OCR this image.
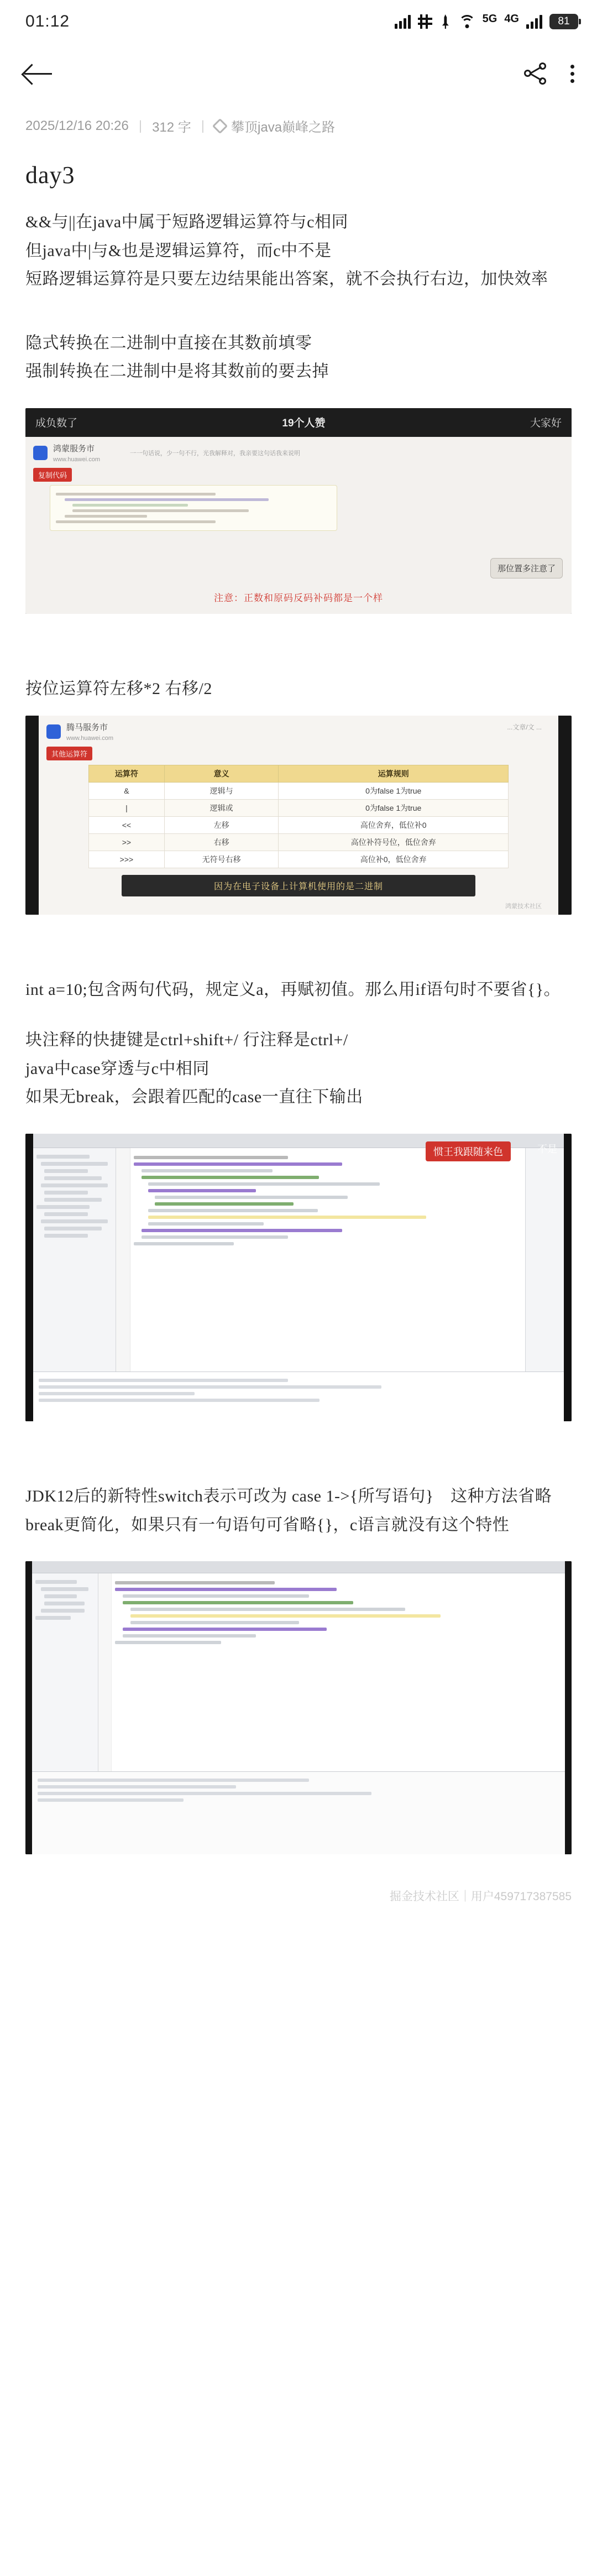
01:12	5G 4G	81
2025/12/16 20:26 | 312 字 | 攀顶java巅峰之路
day3
&&与||在java中属于短路逻辑运算符与c相同
但java中|与&也是逻辑运算符，而c中不是
短路逻辑运算符是只要左边结果能出答案，就不会执行右边，加快效率
隐式转换在二进制中直接在其数前填零
强制转换在二进制中是将其数前的要去掉
成负数了	19个人赞	大家好
鸿蒙服务市
www.huawei.com
一一句话说，少一句不行，光我解释对，我亲要这句话我来说明
复制代码
那位置多注意了
注意：正数和原码反码补码都是一个样
按位运算符左移*2 右移/2
腾马服务市
www.huawei.com
...文章/文 ...
其他运算符
运算符	意义	运算规则
&	逻辑与	0为false 1为true
|	逻辑或	0为false 1为true
<<	左移	高位舍弃，低位补0
>>	右移	高位补符号位，低位舍弃
>>>	无符号右移	高位补0，低位舍弃
因为在电子设备上计算机使用的是二进制
鸿蒙技术社区
int a=10;包含两句代码，规定义a，再赋初值。那么用if语句时不要省{}。
块注释的快捷键是ctrl+shift+/ 行注释是ctrl+/
java中case穿透与c中相同
如果无break，会跟着匹配的case一直往下输出
惯王我跟随来色	不是
JDK12后的新特性switch表示可改为 case 1->{所写语句}　这种方法省略break更简化，如果只有一句语句可省略{}，c语言就没有这个特性
掘金技术社区｜用户459717387585
